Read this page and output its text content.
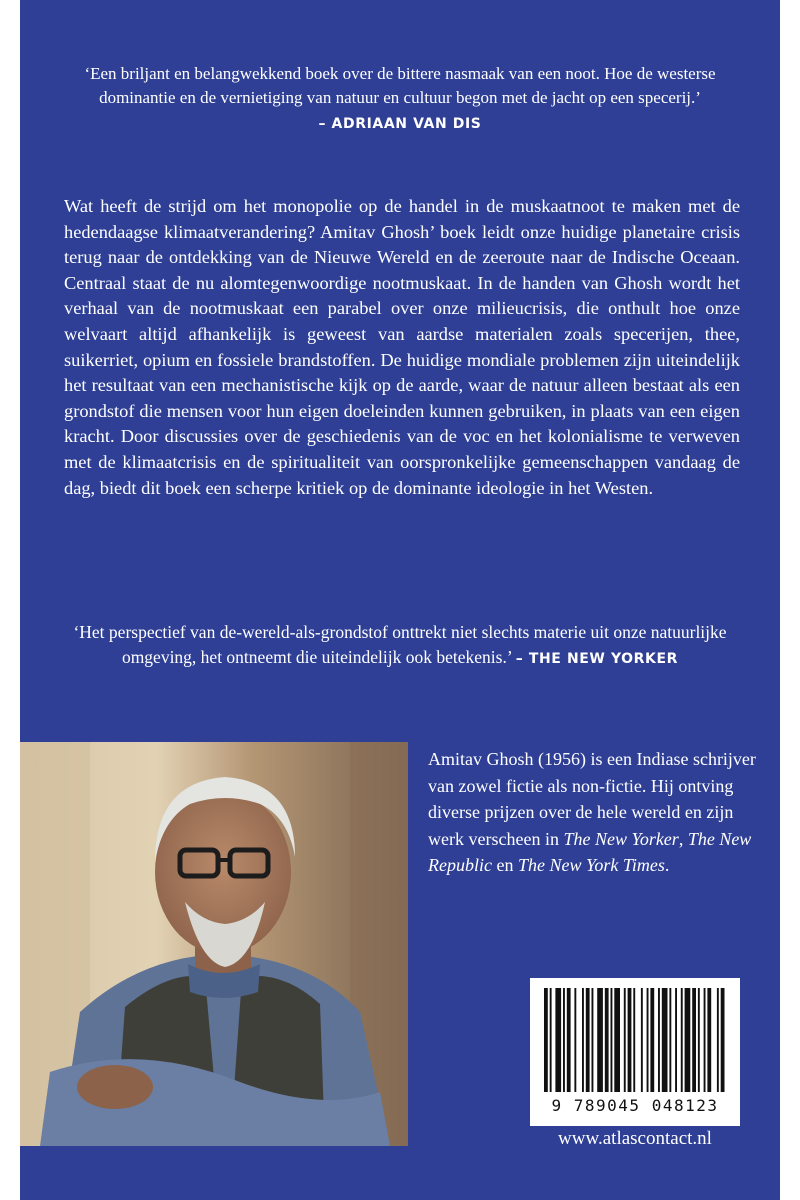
‘Een briljant en belangwekkend boek over de bittere nasmaak van een noot. Hoe de westerse dominantie en de vernietiging van natuur en cultuur begon met de jacht op een specerij.’
– ADRIAAN VAN DIS

Wat heeft de strijd om het monopolie op de handel in de muskaatnoot te maken met de hedendaagse klimaatverandering? Amitav Ghosh’ boek leidt onze huidige planetaire crisis terug naar de ontdekking van de Nieuwe Wereld en de zeeroute naar de Indische Oceaan. Centraal staat de nu alomtegenwoordige nootmuskaat. In de handen van Ghosh wordt het verhaal van de nootmuskaat een parabel over onze milieucrisis, die onthult hoe onze welvaart altijd afhankelijk is geweest van aardse materialen zoals specerijen, thee, suikerriet, opium en fossiele brandstoffen. De huidige mondiale problemen zijn uiteindelijk het resultaat van een mechanistische kijk op de aarde, waar de natuur alleen bestaat als een grondstof die mensen voor hun eigen doeleinden kunnen gebruiken, in plaats van een eigen kracht. Door discussies over de geschiedenis van de voc en het kolonialisme te verweven met de klimaatcrisis en de spiritualiteit van oorspronkelijke gemeenschappen vandaag de dag, biedt dit boek een scherpe kritiek op de dominante ideologie in het Westen.

‘Het perspectief van de-wereld-als-grondstof onttrekt niet slechts materie uit onze natuurlijke omgeving, het ontneemt die uiteindelijk ook betekenis.’ – THE NEW YORKER

Amitav Ghosh (1956) is een Indiase schrijver van zowel fictie als non-fictie. Hij ontving diverse prijzen over de hele wereld en zijn werk verscheen in The New Yorker, The New Republic en The New York Times.

9 789045 048123
www.atlascontact.nl
